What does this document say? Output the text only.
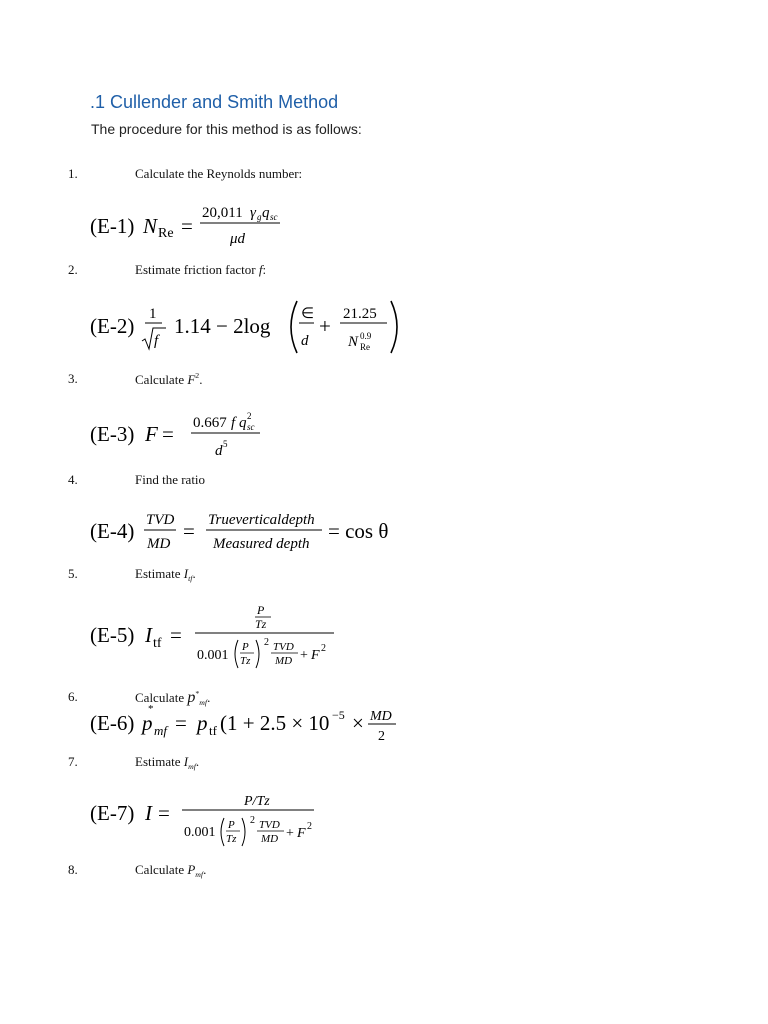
.1 Cullender and Smith Method
The procedure for this method is as follows:
1.	Calculate the Reynolds number:
(E-1) N Re =
20,011 γ g q sc
μd
2.	Estimate friction factor f:
(E-2) 1
f
1.14 − 2log ∈
d
+ 21.25
N 0.9
Re
3.	Calculate $F^2$.
(E-3) F = 0.667 f q 2
sc
d 5
4.	Find the ratio
(E-4) TVD
MD
= Trueverticaldepth
Measured depth
= cos θ
5.	Estimate $I_{tf}$.
(E-5) I tf =
P
Tz
0.001
P
Tz
2 TVD
MD + F 2
6.	Calculate $p^*_{mf}$.
(E-6)
*
p mf = p tf (1 + 2.5 × 10 −5 × MD
2
7.	Estimate $I_{mf}$.
(E-7) I =	P/Tz
0.001 P
Tz
2 TVD
MD + F 2
8.	Calculate $P_{mf}$.
